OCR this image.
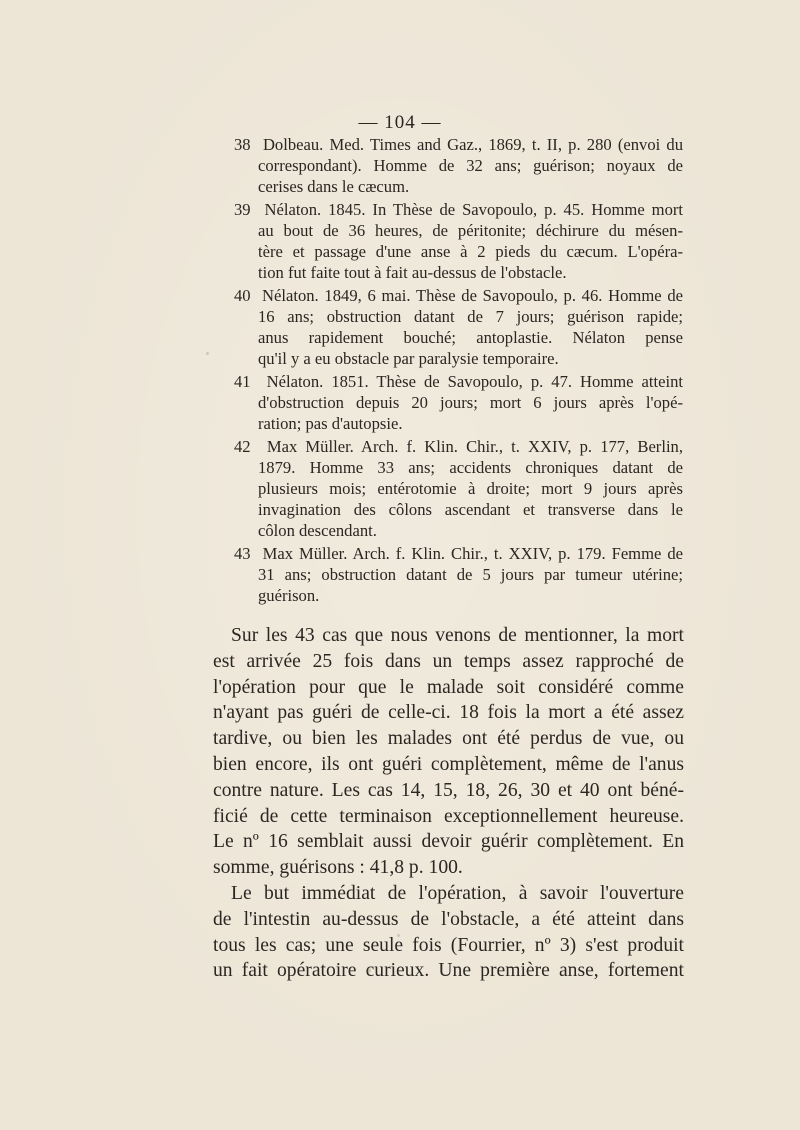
— 104 —
38 Dolbeau. Med. Times and Gaz., 1869, t. II, p. 280 (envoi du
correspondant). Homme de 32 ans; guérison; noyaux de
cerises dans le cæcum.
39 Nélaton. 1845. In Thèse de Savopoulo, p. 45. Homme mort
au bout de 36 heures, de péritonite; déchirure du mésen-
tère et passage d'une anse à 2 pieds du cæcum. L'opéra-
tion fut faite tout à fait au-dessus de l'obstacle.
40 Nélaton. 1849, 6 mai. Thèse de Savopoulo, p. 46. Homme de
16 ans; obstruction datant de 7 jours; guérison rapide;
anus rapidement bouché; antoplastie. Nélaton pense
qu'il y a eu obstacle par paralysie temporaire.
41 Nélaton. 1851. Thèse de Savopoulo, p. 47. Homme atteint
d'obstruction depuis 20 jours; mort 6 jours après l'opé-
ration; pas d'autopsie.
42 Max Müller. Arch. f. Klin. Chir., t. XXIV, p. 177, Berlin,
1879. Homme 33 ans; accidents chroniques datant de
plusieurs mois; entérotomie à droite; mort 9 jours après
invagination des côlons ascendant et transverse dans le
côlon descendant.
43 Max Müller. Arch. f. Klin. Chir., t. XXIV, p. 179. Femme de
31 ans; obstruction datant de 5 jours par tumeur utérine;
guérison.
Sur les 43 cas que nous venons de mentionner, la mort
est arrivée 25 fois dans un temps assez rapproché de
l'opération pour que le malade soit considéré comme
n'ayant pas guéri de celle-ci. 18 fois la mort a été assez
tardive, ou bien les malades ont été perdus de vue, ou
bien encore, ils ont guéri complètement, même de l'anus
contre nature. Les cas 14, 15, 18, 26, 30 et 40 ont béné-
ficié de cette terminaison exceptionnellement heureuse.
Le nº 16 semblait aussi devoir guérir complètement. En
somme, guérisons : 41,8 p. 100.
Le but immédiat de l'opération, à savoir l'ouverture
de l'intestin au-dessus de l'obstacle, a été atteint dans
tous les cas; une seule fois (Fourrier, nº 3) s'est produit
un fait opératoire curieux. Une première anse, fortement
